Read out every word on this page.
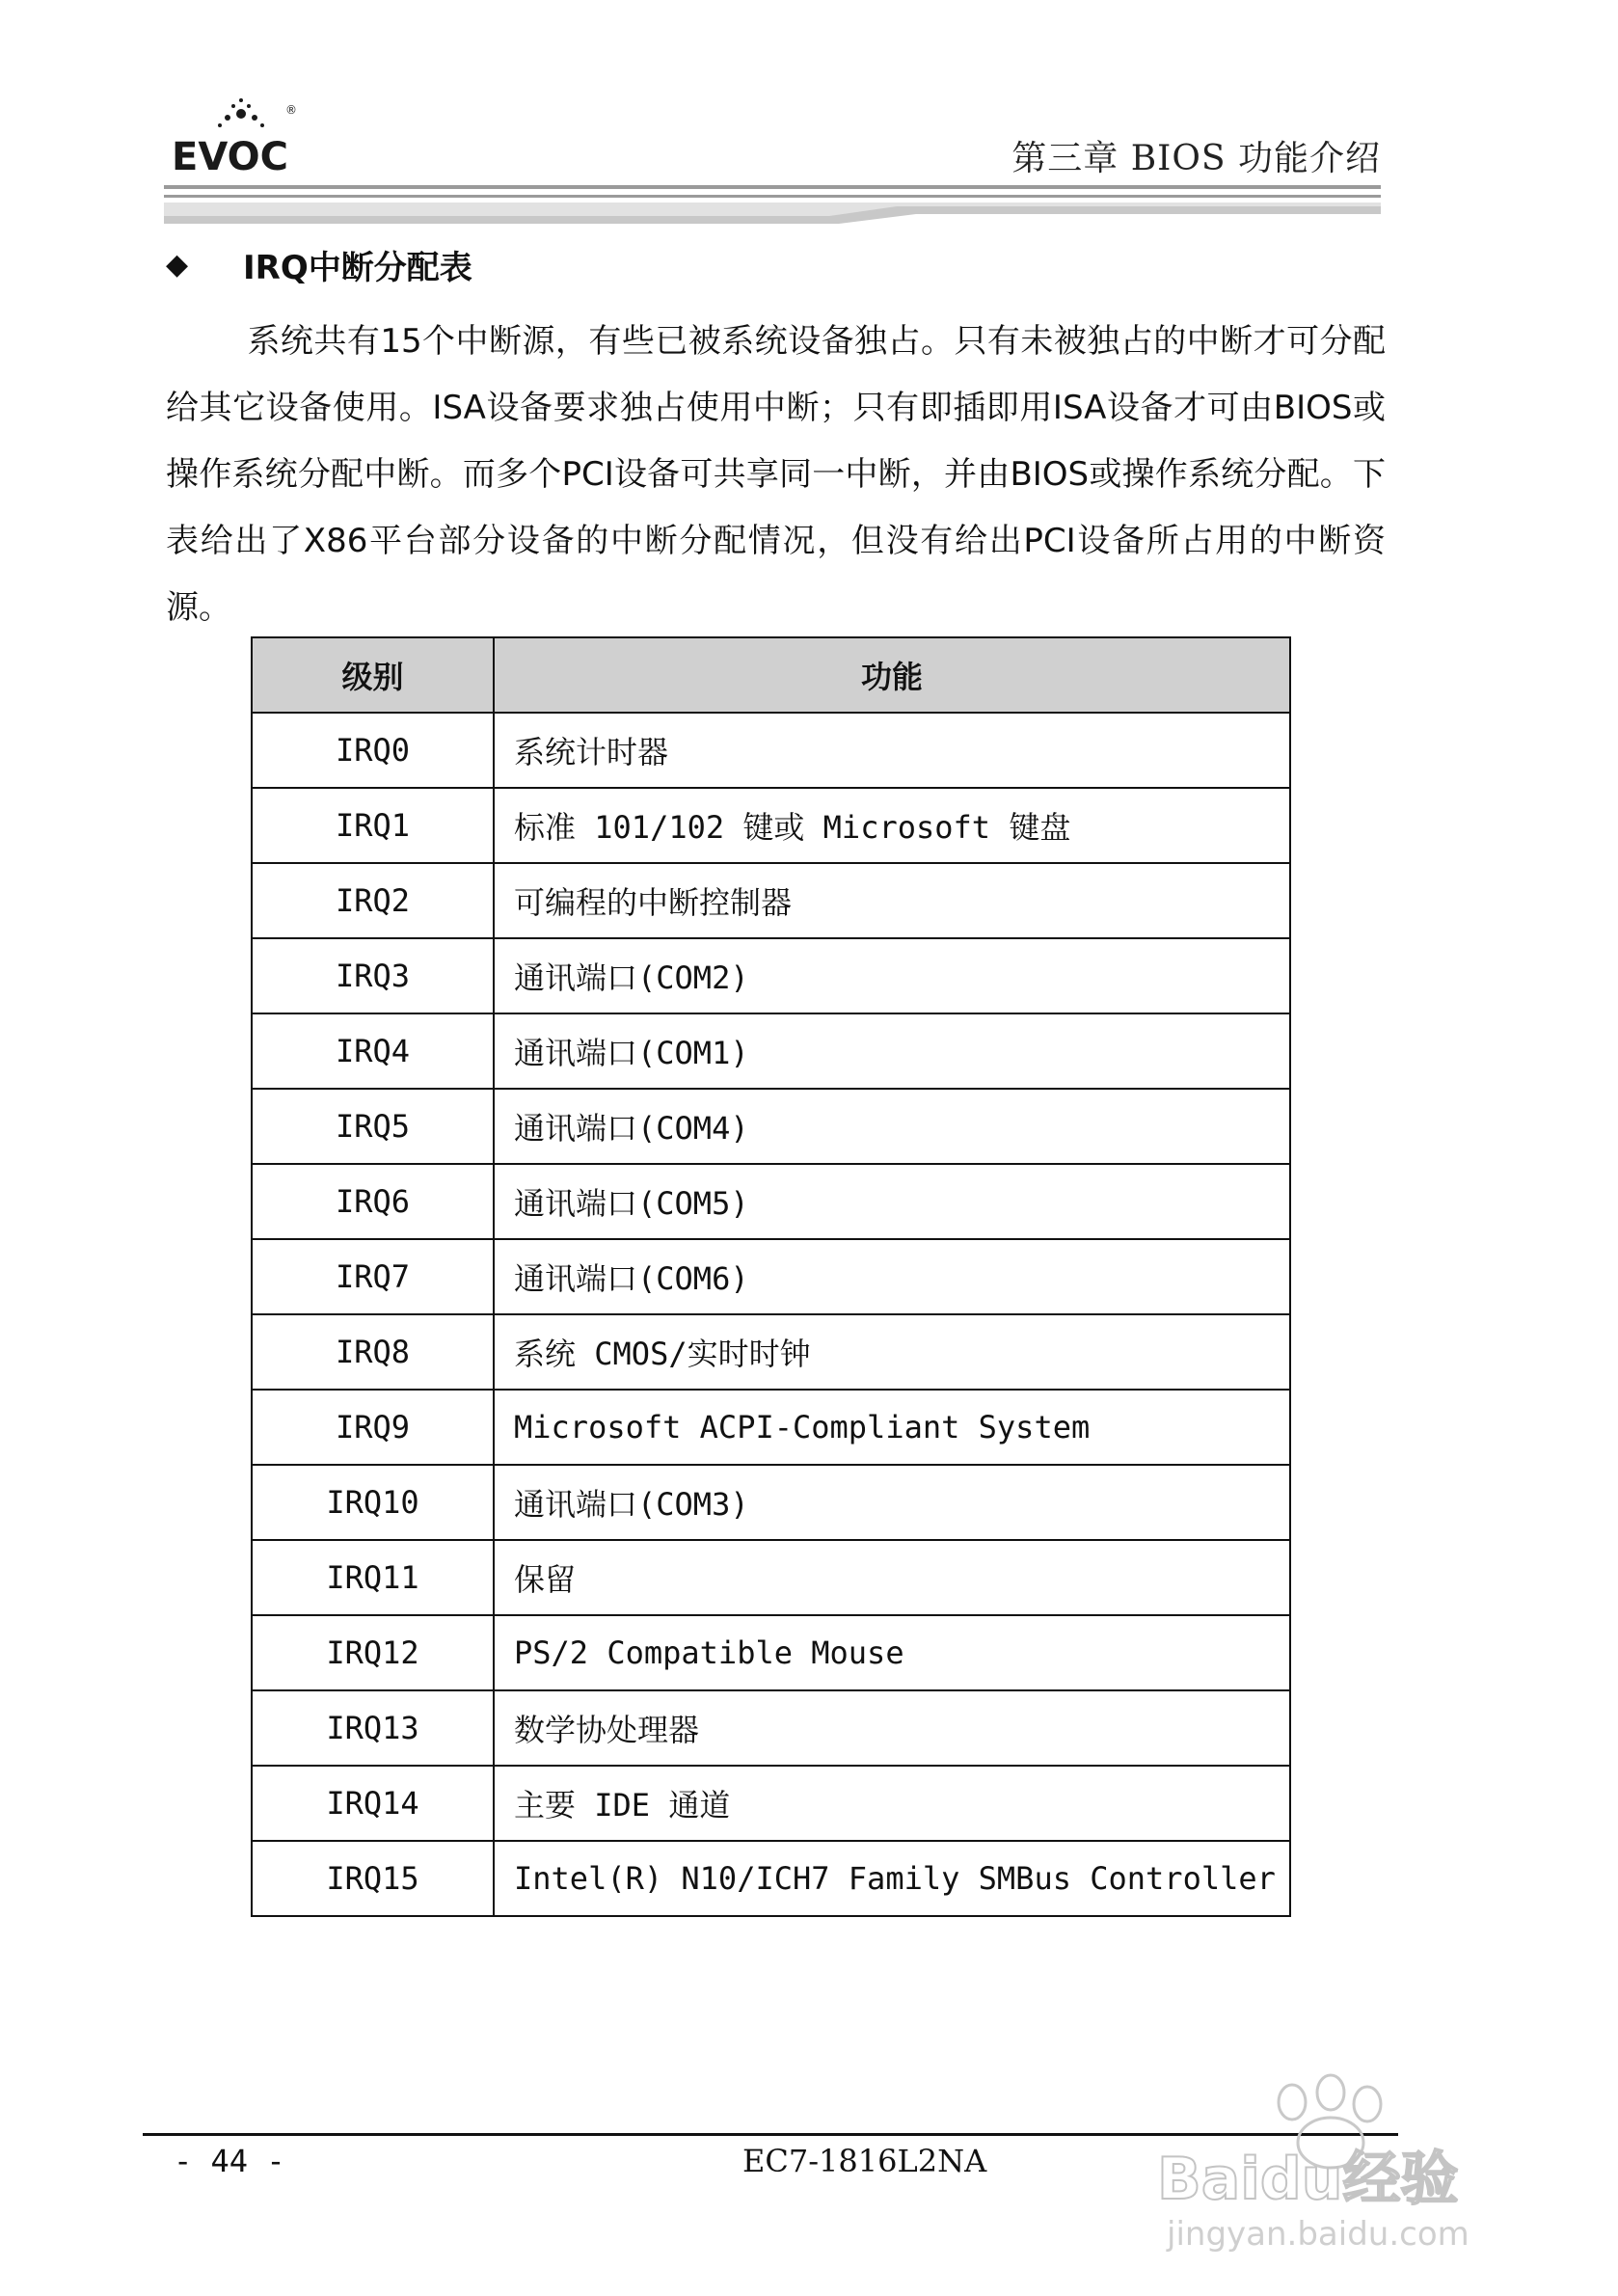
EVOC
®
第三章 BIOS 功能介绍
◆	IRQ中断分配表
系统共有15个中断源，有些已被系统设备独占。只有未被独占的中断才可分配给其它设备使用。ISA设备要求独占使用中断；只有即插即用ISA设备才可由BIOS或操作系统分配中断。而多个PCI设备可共享同一中断，并由BIOS或操作系统分配。下表给出了X86平台部分设备的中断分配情况，但没有给出PCI设备所占用的中断资源。
级别	功能
IRQ0	系统计时器
IRQ1	标准 101/102 键或 Microsoft 键盘
IRQ2	可编程的中断控制器
IRQ3	通讯端口(COM2)
IRQ4	通讯端口(COM1)
IRQ5	通讯端口(COM4)
IRQ6	通讯端口(COM5)
IRQ7	通讯端口(COM6)
IRQ8	系统 CMOS/实时时钟
IRQ9	Microsoft ACPI-Compliant System
IRQ10	通讯端口(COM3)
IRQ11	保留
IRQ12	PS/2 Compatible Mouse
IRQ13	数学协处理器
IRQ14	主要 IDE 通道
IRQ15	Intel(R) N10/ICH7 Family SMBus Controller
- 44 -	EC7-1816L2NA	Baidu经验
jingyan.baidu.com
